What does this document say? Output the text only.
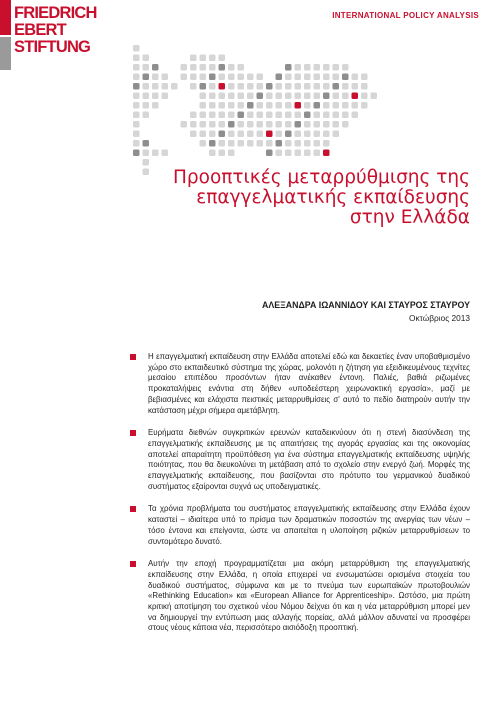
FRIEDRICH
EBERT
STIFTUNG
INTERNATIONAL POLICY ANALYSIS
Προοπτικές μεταρρύθμισης της
επαγγελματικής εκπαίδευσης
στην Ελλάδα
ΑΛΕΞΑΝΔΡΑ ΙΩΑΝΝΙΔΟΥ ΚΑΙ ΣΤΑΥΡΟΣ ΣΤΑΥΡΟΥ
Οκτώβριος 2013
Η επαγγελματική εκπαίδευση στην Ελλάδα αποτελεί εδώ και δεκαετίες έναν υποβαθμισμένο χώρο στο εκπαιδευτικό σύστημα της χώρας, μολονότι η ζήτηση για εξειδικευμένους τεχνίτες μεσαίου επιπέδου προσόντων ήταν ανέκαθεν έντονη. Παλιές, βαθιά ριζωμένες προκαταλήψεις ενάντια στη δήθεν «υποδεέστερη χειρωνακτική εργασία», μαζί με βεβιασμένες και ελάχιστα πειστικές μεταρρυθμίσεις σ' αυτό το πεδίο διατηρούν αυτήν την κατάσταση μέχρι σήμερα αμετάβλητη.
Ευρήματα διεθνών συγκριτικών ερευνών καταδεικνύουν ότι η στενή διασύνδεση της επαγγελματικής εκπαίδευσης με τις απαιτήσεις της αγοράς εργασίας και της οικονομίας αποτελεί απαραίτητη προϋπόθεση για ένα σύστημα επαγγελματικής εκπαίδευσης υψηλής ποιότητας, που θα διευκολύνει τη μετάβαση από το σχολείο στην ενεργό ζωή. Μορφές της επαγγελματικής εκπαίδευσης, που βασίζονται στο πρότυπο του γερμανικού δυαδικού συστήματος εξαίρονται συχνά ως υποδειγματικές.
Τα χρόνια προβλήματα του συστήματος επαγγελματικής εκπαίδευσης στην Ελλάδα έχουν καταστεί – ιδιαίτερα υπό το πρίσμα των δραματικών ποσοστών της ανεργίας των νέων – τόσο έντονα και επείγοντα, ώστε να απαιτείται η υλοποίηση ριζικών μεταρρυθμίσεων το συντομότερο δυνατό.
Αυτήν την εποχή προγραμματίζεται μια ακόμη μεταρρύθμιση της επαγγελματικής εκπαίδευσης στην Ελλάδα, η οποία επιχειρεί να ενσωματώσει ορισμένα στοιχεία του δυαδικού συστήματος, σύμφωνα και με το πνεύμα των ευρωπαϊκών πρωτοβουλιών «Rethinking Education» και «European Alliance for Apprenticeship». Ωστόσο, μια πρώτη κριτική αποτίμηση του σχετικού νέου Νόμου δείχνει ότι και η νέα μεταρρύθμιση μπορεί μεν να δημιουργεί την εντύπωση μιας αλλαγής πορείας, αλλά μάλλον αδυνατεί να προσφέρει στους νέους κάποια νέα, περισσότερο αισιόδοξη προοπτική.
